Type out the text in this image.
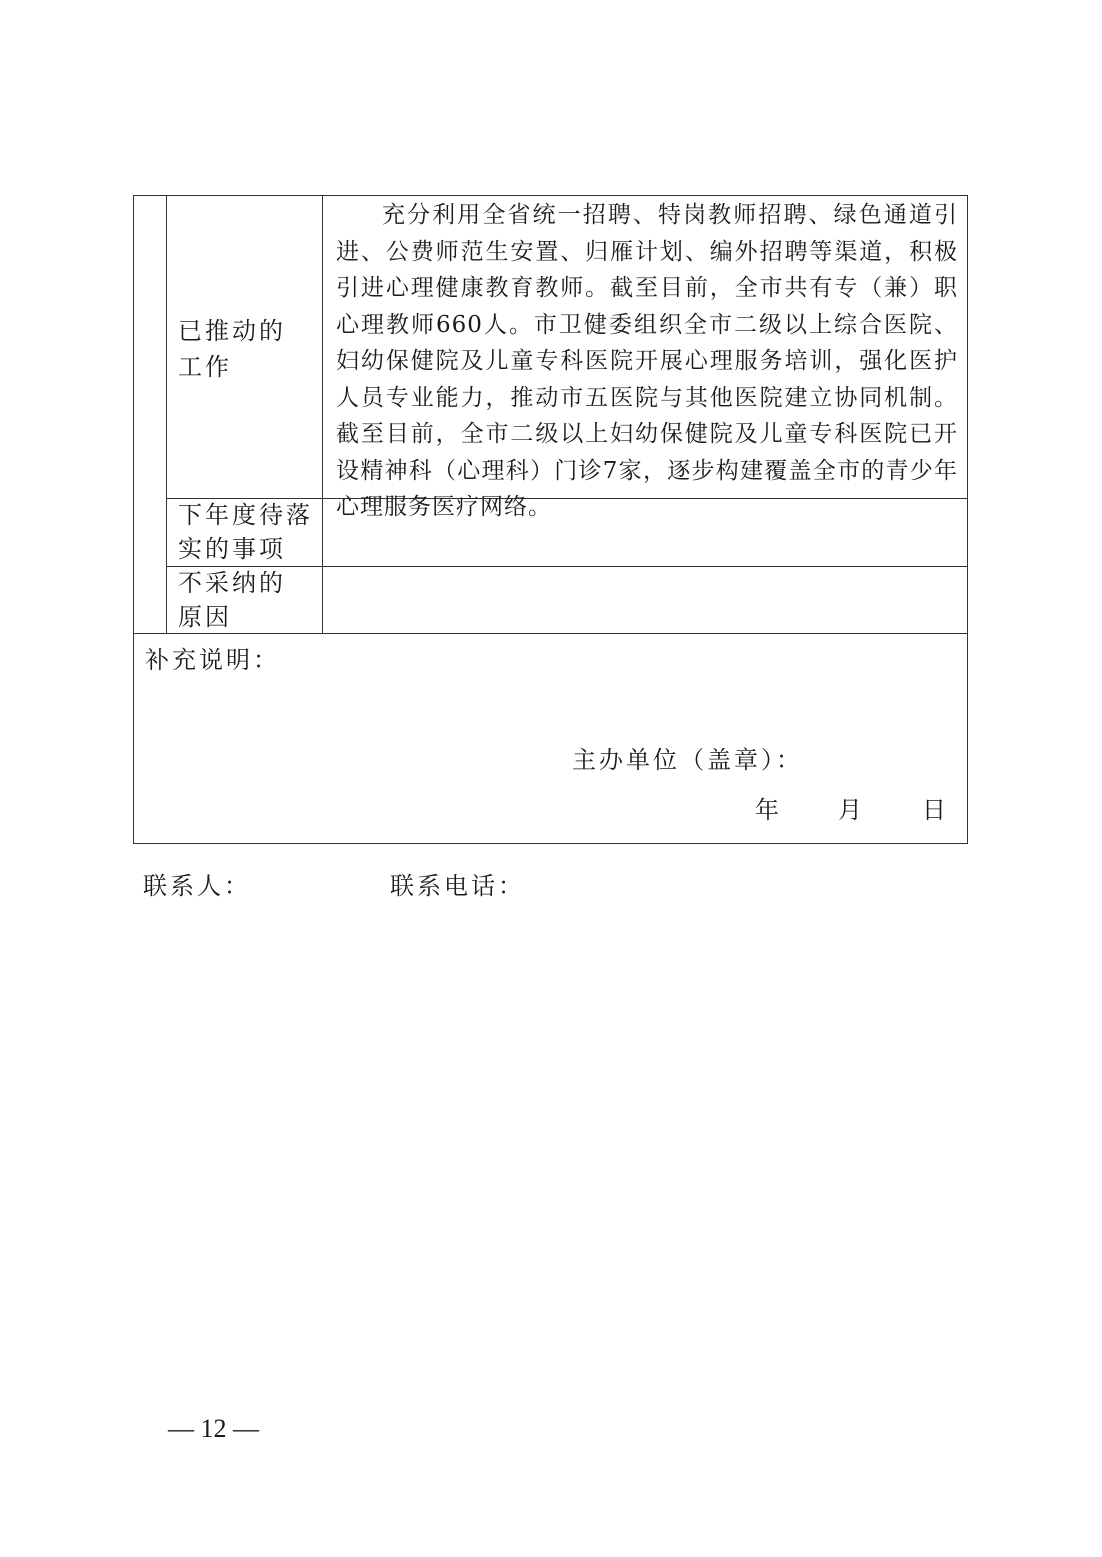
已推动的
工作
充分利用全省统一招聘、特岗教师招聘、绿色通道引进、公费师范生安置、归雁计划、编外招聘等渠道，积极引进心理健康教育教师。截至目前，全市共有专（兼）职心理教师660人。市卫健委组织全市二级以上综合医院、妇幼保健院及儿童专科医院开展心理服务培训，强化医护人员专业能力，推动市五医院与其他医院建立协同机制。截至目前，全市二级以上妇幼保健院及儿童专科医院已开设精神科（心理科）门诊7家，逐步构建覆盖全市的青少年心理服务医疗网络。
下年度待落
实的事项
不采纳的
原因
补充说明：
主办单位（盖章）：
年 月	日
联系人：	联系电话：
— 12 —
